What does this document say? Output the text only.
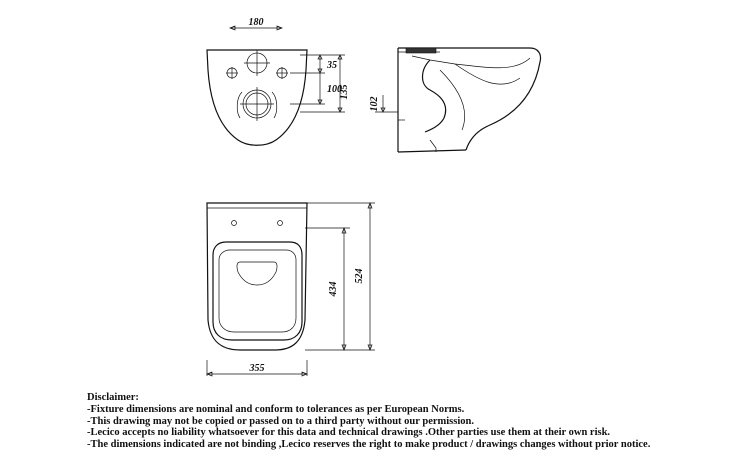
180
35
100
135
102
355
434
524
Disclaimer:
-Fixture dimensions are nominal and conform to tolerances as per European Norms.
-This drawing may not be copied or passed on to a third party without our permission.
-Lecico accepts no liability whatsoever for this data and technical drawings .Other parties use them at their own risk.
-The dimensions indicated are not binding ,Lecico reserves the right to make product / drawings changes without prior notice.
